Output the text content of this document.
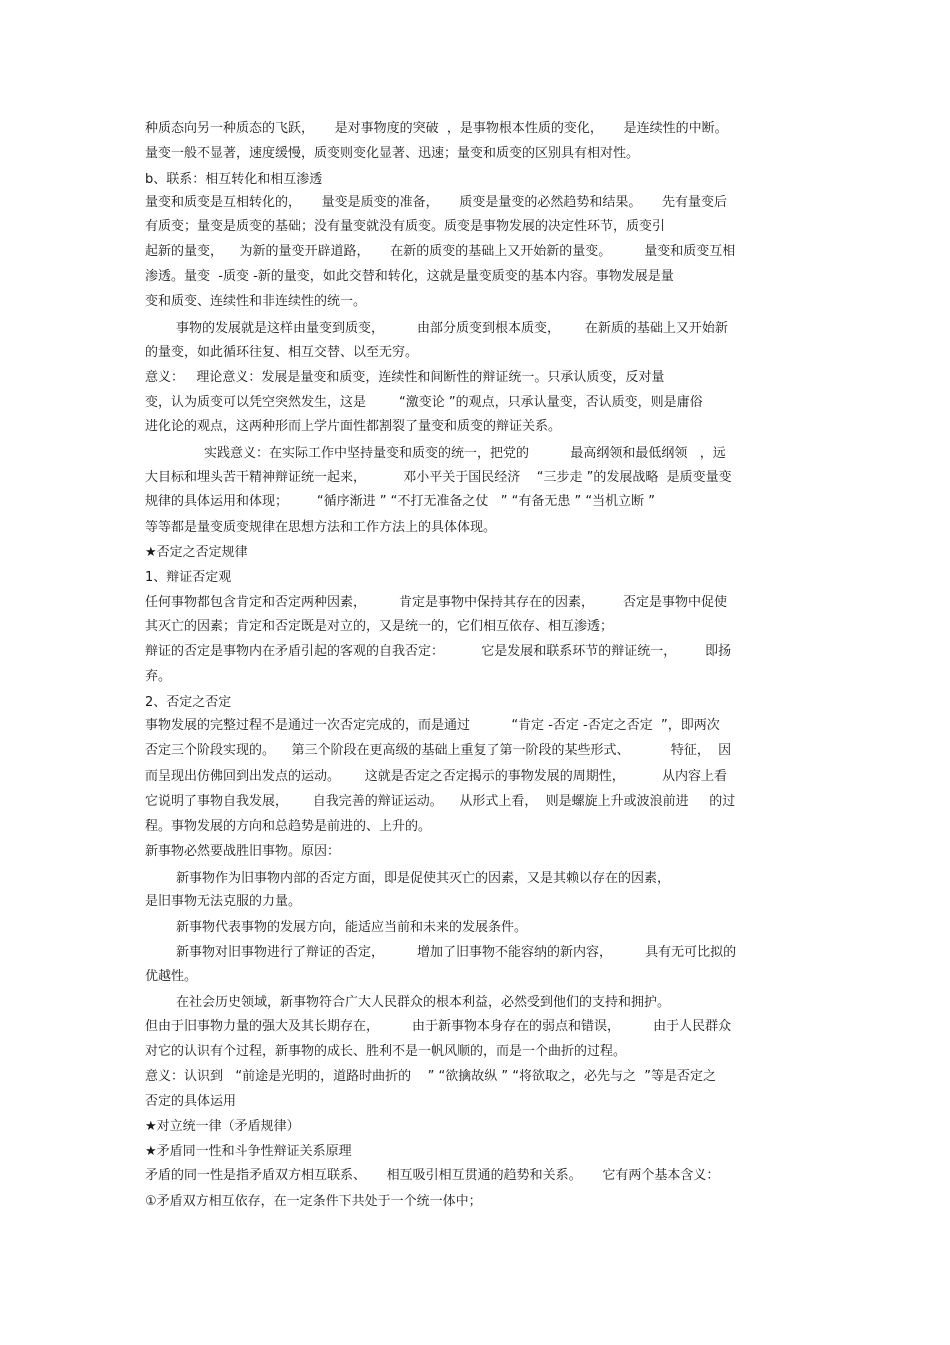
种质态向另一种质态的飞跃，     是对事物度的突破  ，是事物根本性质的变化，     是连续性的中断。
量变一般不显著，速度缓慢，质变则变化显著、迅速；量变和质变的区别具有相对性。
b、联系：相互转化和相互渗透
量变和质变是互相转化的，     量变是质变的准备，     质变是量变的必然趋势和结果。     先有量变后
有质变；量变是质变的基础；没有量变就没有质变。质变是事物发展的决定性环节，质变引
起新的量变，    为新的量变开辟道路，     在新的质变的基础上又开始新的量变。        量变和质变互相
渗透。量变  -质变 -新的量变，如此交替和转化，这就是量变质变的基本内容。事物发展是量
变和质变、连续性和非连续性的统一。
事物的发展就是这样由量变到质变，        由部分质变到根本质变，      在新质的基础上又开始新
的量变，如此循环往复、相互交替、以至无穷。
意义：   理论意义：发展是量变和质变，连续性和间断性的辩证统一。只承认质变，反对量
变，认为质变可以凭空突然发生，这是        “激变论 ”的观点，只承认量变，否认质变，则是庸俗
进化论的观点，这两种形而上学片面性都割裂了量变和质变的辩证关系。
实践意义：在实际工作中坚持量变和质变的统一，把党的          最高纲领和最低纲领   ，远
大目标和埋头苦干精神辩证统一起来，         邓小平关于国民经济    “三步走 ”的发展战略  是质变量变
规律的具体运用和体现；       “循序渐进 ” “不打无准备之仗   ” “有备无患 ” “当机立断 ”
等等都是量变质变规律在思想方法和工作方法上的具体体现。
★否定之否定规律
1、辩证否定观
任何事物都包含肯定和否定两种因素，        肯定是事物中保持其存在的因素，       否定是事物中促使
其灭亡的因素；肯定和否定既是对立的，又是统一的，它们相互依存、相互渗透；
辩证的否定是事物内在矛盾引起的客观的自我否定：         它是发展和联系环节的辩证统一，       即扬
弃。
2、否定之否定
事物发展的完整过程不是通过一次否定完成的，而是通过          “肯定 -否定 -否定之否定  ”，即两次
否定三个阶段实现的。    第三个阶段在更高级的基础上重复了第一阶段的某些形式、          特征，  因
而呈现出仿佛回到出发点的运动。      这就是否定之否定揭示的事物发展的周期性，         从内容上看
它说明了事物自我发展，      自我完善的辩证运动。    从形式上看，  则是螺旋上升或波浪前进     的过
程。事物发展的方向和总趋势是前进的、上升的。
新事物必然要战胜旧事物。原因：
新事物作为旧事物内部的否定方面，即是促使其灭亡的因素，又是其赖以存在的因素，
是旧事物无法克服的力量。
新事物代表事物的发展方向，能适应当前和未来的发展条件。
新事物对旧事物进行了辩证的否定，        增加了旧事物不能容纳的新内容，        具有无可比拟的
优越性。
在社会历史领域，新事物符合广大人民群众的根本利益，必然受到他们的支持和拥护。
但由于旧事物力量的强大及其长期存在，        由于新事物本身存在的弱点和错误，        由于人民群众
对它的认识有个过程，新事物的成长、胜利不是一帆风顺的，而是一个曲折的过程。
意义：认识到   “前途是光明的，道路时曲折的    ” “欲擒故纵 ” “将欲取之，必先与之  ”等是否定之
否定的具体运用
★对立统一律（矛盾规律）
★矛盾同一性和斗争性辩证关系原理
矛盾的同一性是指矛盾双方相互联系、     相互吸引相互贯通的趋势和关系。     它有两个基本含义：
①矛盾双方相互依存，在一定条件下共处于一个统一体中；
